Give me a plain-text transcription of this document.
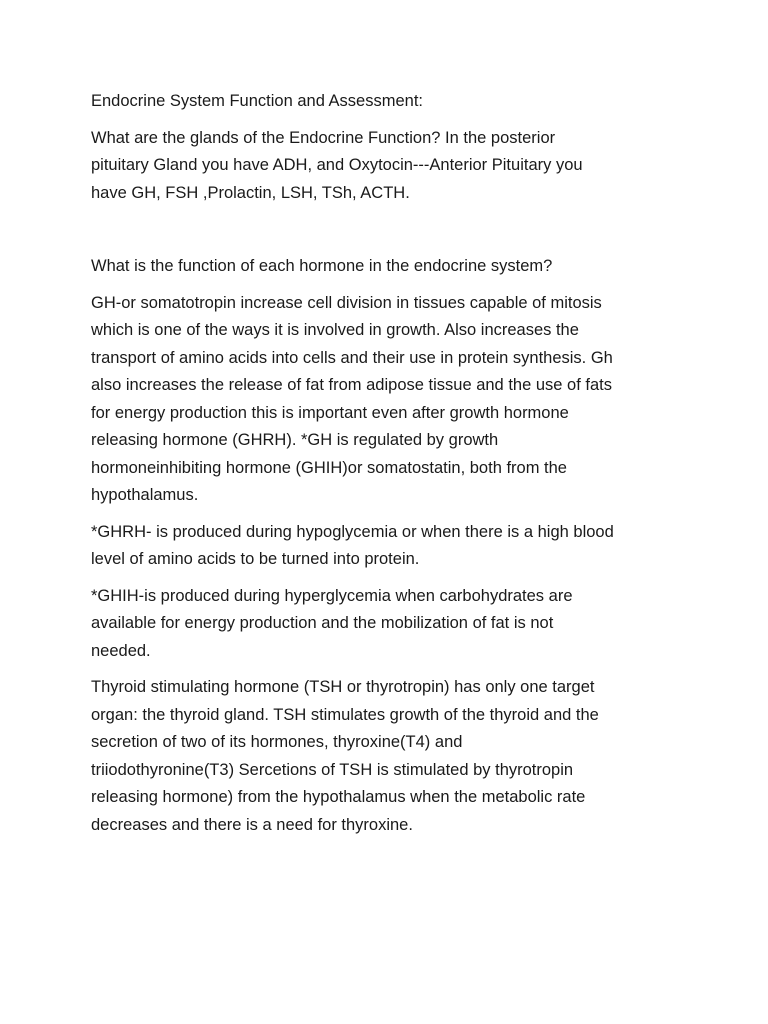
Endocrine System Function and Assessment:

What are the glands of the Endocrine Function? In the posterior
pituitary Gland you have ADH, and Oxytocin---Anterior Pituitary you
have GH, FSH ,Prolactin, LSH, TSh, ACTH.

What is the function of each hormone in the endocrine system?

GH-or somatotropin increase cell division in tissues capable of mitosis
which is one of the ways it is involved in growth. Also increases the
transport of amino acids into cells and their use in protein synthesis. Gh
also increases the release of fat from adipose tissue and the use of fats
for energy production this is important even after growth hormone
releasing hormone (GHRH). *GH is regulated by growth
hormoneinhibiting hormone (GHIH)or somatostatin, both from the
hypothalamus.

*GHRH- is produced during hypoglycemia or when there is a high blood
level of amino acids to be turned into protein.

*GHIH-is produced during hyperglycemia when carbohydrates are
available for energy production and the mobilization of fat is not
needed.

Thyroid stimulating hormone (TSH or thyrotropin) has only one target
organ: the thyroid gland. TSH stimulates growth of the thyroid and the
secretion of two of its hormones, thyroxine(T4) and
triiodothyronine(T3) Sercetions of TSH is stimulated by thyrotropin
releasing hormone) from the hypothalamus when the metabolic rate
decreases and there is a need for thyroxine.
